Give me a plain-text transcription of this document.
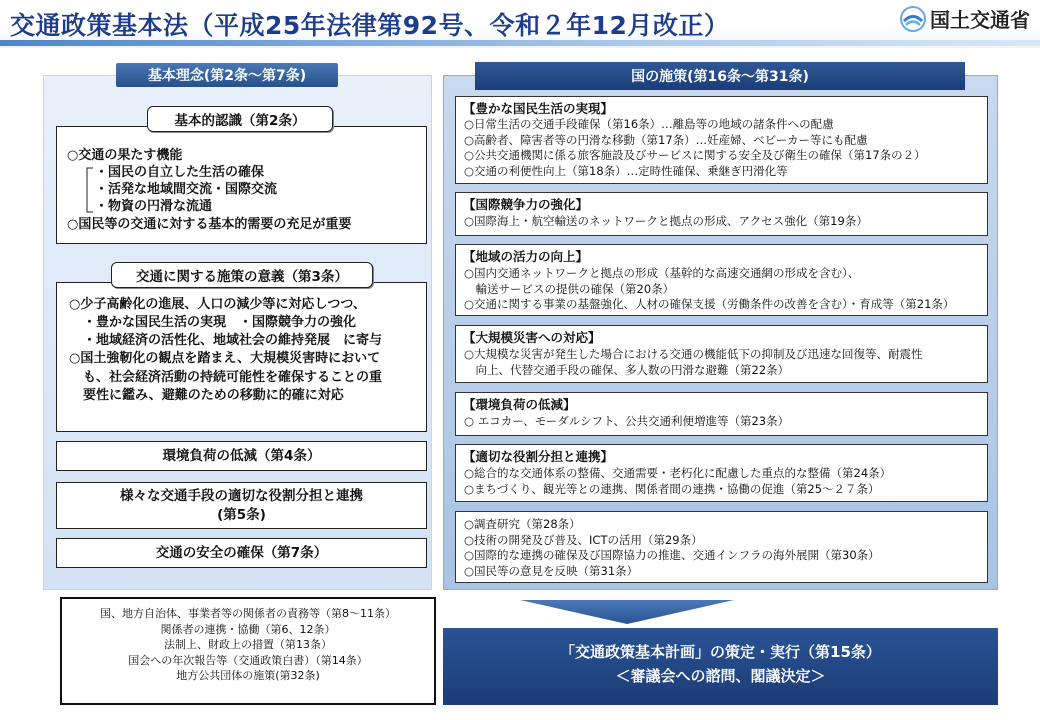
交通政策基本法（平成25年法律第92号、令和２年12月改正）	国土交通省
基本理念(第2条～第7条)
○交通の果たす機能
・国民の自立した生活の確保
・活発な地域間交流・国際交流
・物資の円滑な流通
○国民等の交通に対する基本的需要の充足が重要
基本的認識（第2条）
○少子高齢化の進展、人口の減少等に対応しつつ、
・豊かな国民生活の実現　・国際競争力の強化
・地域経済の活性化、地域社会の維持発展　に寄与
○国土強靭化の観点を踏まえ、大規模災害時において
も、社会経済活動の持続可能性を確保することの重
要性に鑑み、避難のための移動に的確に対応
交通に関する施策の意義（第3条）
環境負荷の低減（第4条）
様々な交通手段の適切な役割分担と連携
(第5条)
交通の安全の確保（第7条）
国の施策(第16条～第31条)
【豊かな国民生活の実現】
○日常生活の交通手段確保（第16条）…離島等の地域の諸条件への配慮
○高齢者、障害者等の円滑な移動（第17条）…妊産婦、ベビーカー等にも配慮
○公共交通機関に係る旅客施設及びサービスに関する安全及び衛生の確保（第17条の２）
○交通の利便性向上（第18条）…定時性確保、乗継ぎ円滑化等
【国際競争力の強化】
○国際海上・航空輸送のネットワークと拠点の形成、アクセス強化（第19条）
【地域の活力の向上】
○国内交通ネットワークと拠点の形成（基幹的な高速交通網の形成を含む）、
　輸送サービスの提供の確保（第20条）
○交通に関する事業の基盤強化、人材の確保支援（労働条件の改善を含む）・育成等（第21条）
【大規模災害への対応】
○大規模な災害が発生した場合における交通の機能低下の抑制及び迅速な回復等、耐震性
　向上、代替交通手段の確保、多人数の円滑な避難（第22条）
【環境負荷の低減】
○ エコカー、モーダルシフト、公共交通利便増進等（第23条）
【適切な役割分担と連携】
○総合的な交通体系の整備、交通需要・老朽化に配慮した重点的な整備（第24条）
○まちづくり、観光等との連携、関係者間の連携・協働の促進（第25～２７条）
○調査研究（第28条）
○技術の開発及び普及、ICTの活用（第29条）
○国際的な連携の確保及び国際協力の推進、交通インフラの海外展開（第30条）
○国民等の意見を反映（第31条）
国、地方自治体、事業者等の関係者の責務等（第8～11条）
関係者の連携・協働（第6、12条）
法制上、財政上の措置（第13条）
国会への年次報告等（交通政策白書）（第14条）
地方公共団体の施策(第32条)
「交通政策基本計画」の策定・実行（第15条）
＜審議会への諮問、閣議決定＞
